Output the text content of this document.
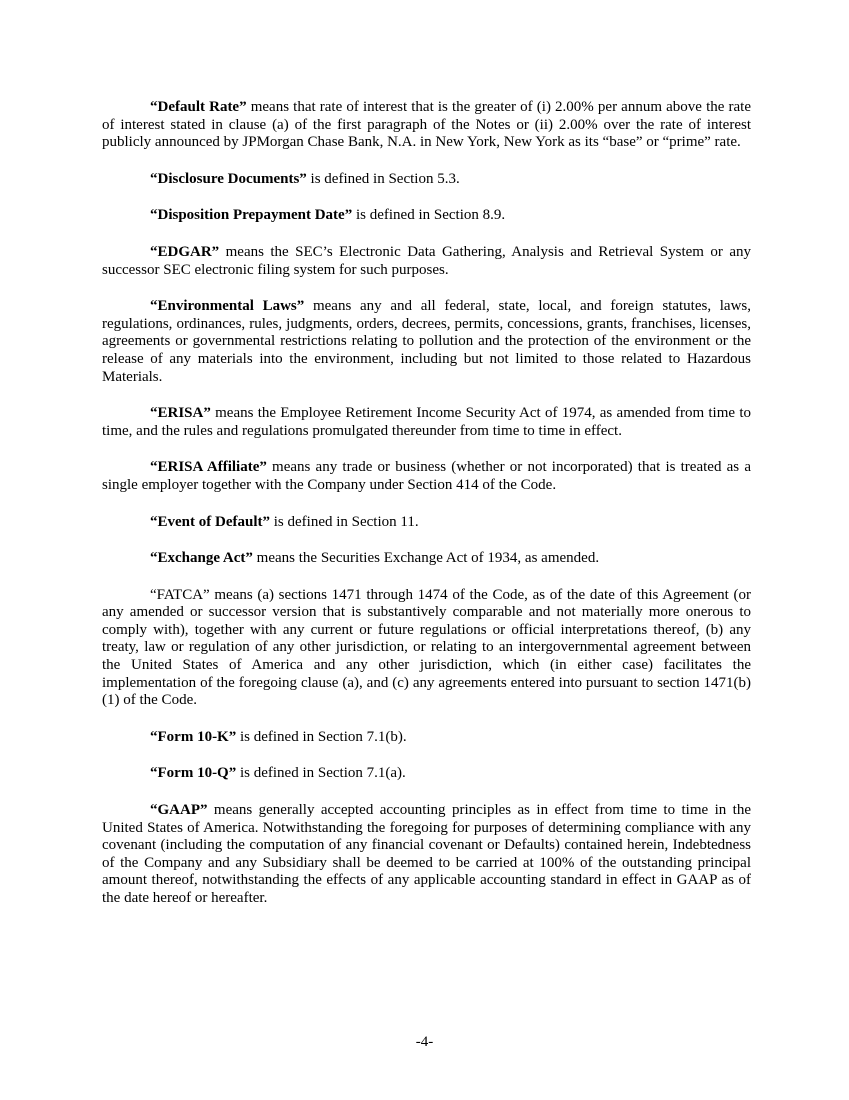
“Default Rate” means that rate of interest that is the greater of (i) 2.00% per annum above the rate of interest stated in clause (a) of the first paragraph of the Notes or (ii) 2.00% over the rate of interest publicly announced by JPMorgan Chase Bank, N.A. in New York, New York as its “base” or “prime” rate.

“Disclosure Documents” is defined in Section 5.3.

“Disposition Prepayment Date” is defined in Section 8.9.

“EDGAR” means the SEC’s Electronic Data Gathering, Analysis and Retrieval System or any successor SEC electronic filing system for such purposes.

“Environmental Laws” means any and all federal, state, local, and foreign statutes, laws, regulations, ordinances, rules, judgments, orders, decrees, permits, concessions, grants, franchises, licenses, agreements or governmental restrictions relating to pollution and the protection of the environment or the release of any materials into the environment, including but not limited to those related to Hazardous Materials.

“ERISA” means the Employee Retirement Income Security Act of 1974, as amended from time to time, and the rules and regulations promulgated thereunder from time to time in effect.

“ERISA Affiliate” means any trade or business (whether or not incorporated) that is treated as a single employer together with the Company under Section 414 of the Code.

“Event of Default” is defined in Section 11.

“Exchange Act” means the Securities Exchange Act of 1934, as amended.

“FATCA” means (a) sections 1471 through 1474 of the Code, as of the date of this Agreement (or any amended or successor version that is substantively comparable and not materially more onerous to comply with), together with any current or future regulations or official interpretations thereof, (b) any treaty, law or regulation of any other jurisdiction, or relating to an intergovernmental agreement between the United States of America and any other jurisdiction, which (in either case) facilitates the implementation of the foregoing clause (a), and (c) any agreements entered into pursuant to section 1471(b)(1) of the Code.

“Form 10-K” is defined in Section 7.1(b).

“Form 10-Q” is defined in Section 7.1(a).

“GAAP” means generally accepted accounting principles as in effect from time to time in the United States of America. Notwithstanding the foregoing for purposes of determining compliance with any covenant (including the computation of any financial covenant or Defaults) contained herein, Indebtedness of the Company and any Subsidiary shall be deemed to be carried at 100% of the outstanding principal amount thereof, notwithstanding the effects of any applicable accounting standard in effect in GAAP as of the date hereof or hereafter.

-4-
